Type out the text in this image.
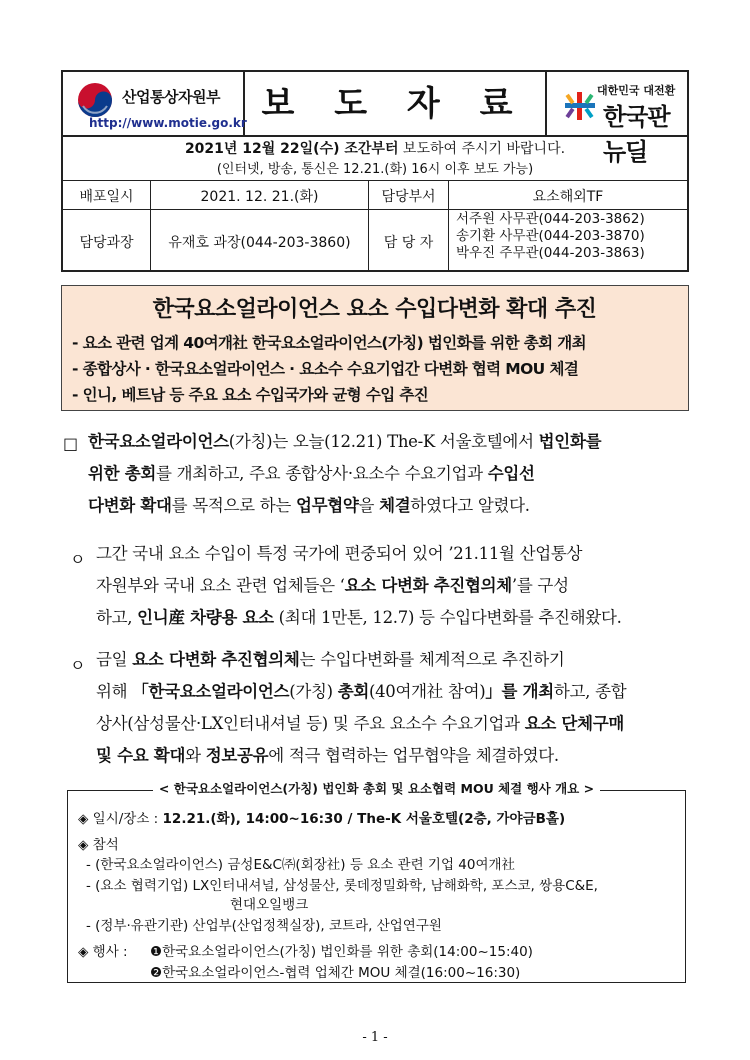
산업통상자원부
http://www.motie.go.kr 보 도 자 료	대한민국 대전환
한국판뉴딜
2021년 12월 22일(수) 조간부터 보도하여 주시기 바랍니다.
(인터넷, 방송, 통신은 12.21.(화) 16시 이후 보도 가능)
배포일시	2021. 12. 21.(화)	담당부서	요소해외TF
담당과장	유재호 과장(044-203-3860)	담 당 자
서주원 사무관(044-203-3862)
송기환 사무관(044-203-3870)
박우진 주무관(044-203-3863)
한국요소얼라이언스 요소 수입다변화 확대 추진
- 요소 관련 업계 40여개社 한국요소얼라이언스(가칭) 법인화를 위한 총회 개최
- 종합상사 · 한국요소얼라이언스 · 요소수 수요기업간 다변화 협력 MOU 체결
- 인니, 베트남 등 주요 요소 수입국가와 균형 수입 추진
□ 한국요소얼라이언스(가칭)는 오늘(12.21) The-K 서울호텔에서 법인화를
위한 총회를 개최하고, 주요 종합상사·요소수 수요기업과 수입선
다변화 확대를 목적으로 하는 업무협약을 체결하였다고 알렸다.
ㅇ 그간 국내 요소 수입이 특정 국가에 편중되어 있어 ’21.11월 산업통상
자원부와 국내 요소 관련 업체들은 ‘요소 다변화 추진협의체’를 구성
하고, 인니産 차량용 요소 (최대 1만톤, 12.7) 등 수입다변화를 추진해왔다.
ㅇ 금일 요소 다변화 추진협의체는 수입다변화를 체계적으로 추진하기
위해 「한국요소얼라이언스(가칭) 총회(40여개社 참여)」를 개최하고, 종합
상사(삼성물산·LX인터내셔널 등) 및 주요 요소수 수요기업과 요소 단체구매
및 수요 확대와 정보공유에 적극 협력하는 업무협약을 체결하였다.
< 한국요소얼라이언스(가칭) 법인화 총회 및 요소협력 MOU 체결 행사 개요 >
◈ 일시/장소 : 12.21.(화), 14:00~16:30 / The-K 서울호텔(2층, 가야금B홀)
◈ 참석
- (한국요소얼라이언스) 금성E&C㈜(회장社) 등 요소 관련 기업 40여개社
- (요소 협력기업) LX인터내셔널, 삼성물산, 롯데정밀화학, 남해화학, 포스코, 쌍용C&E,
현대오일뱅크
- (정부·유관기관) 산업부(산업정책실장), 코트라, 산업연구원
◈ 행사 : ❶한국요소얼라이언스(가칭) 법인화를 위한 총회(14:00~15:40)
❷한국요소얼라이언스-협력 업체간 MOU 체결(16:00~16:30)
- 1 -
